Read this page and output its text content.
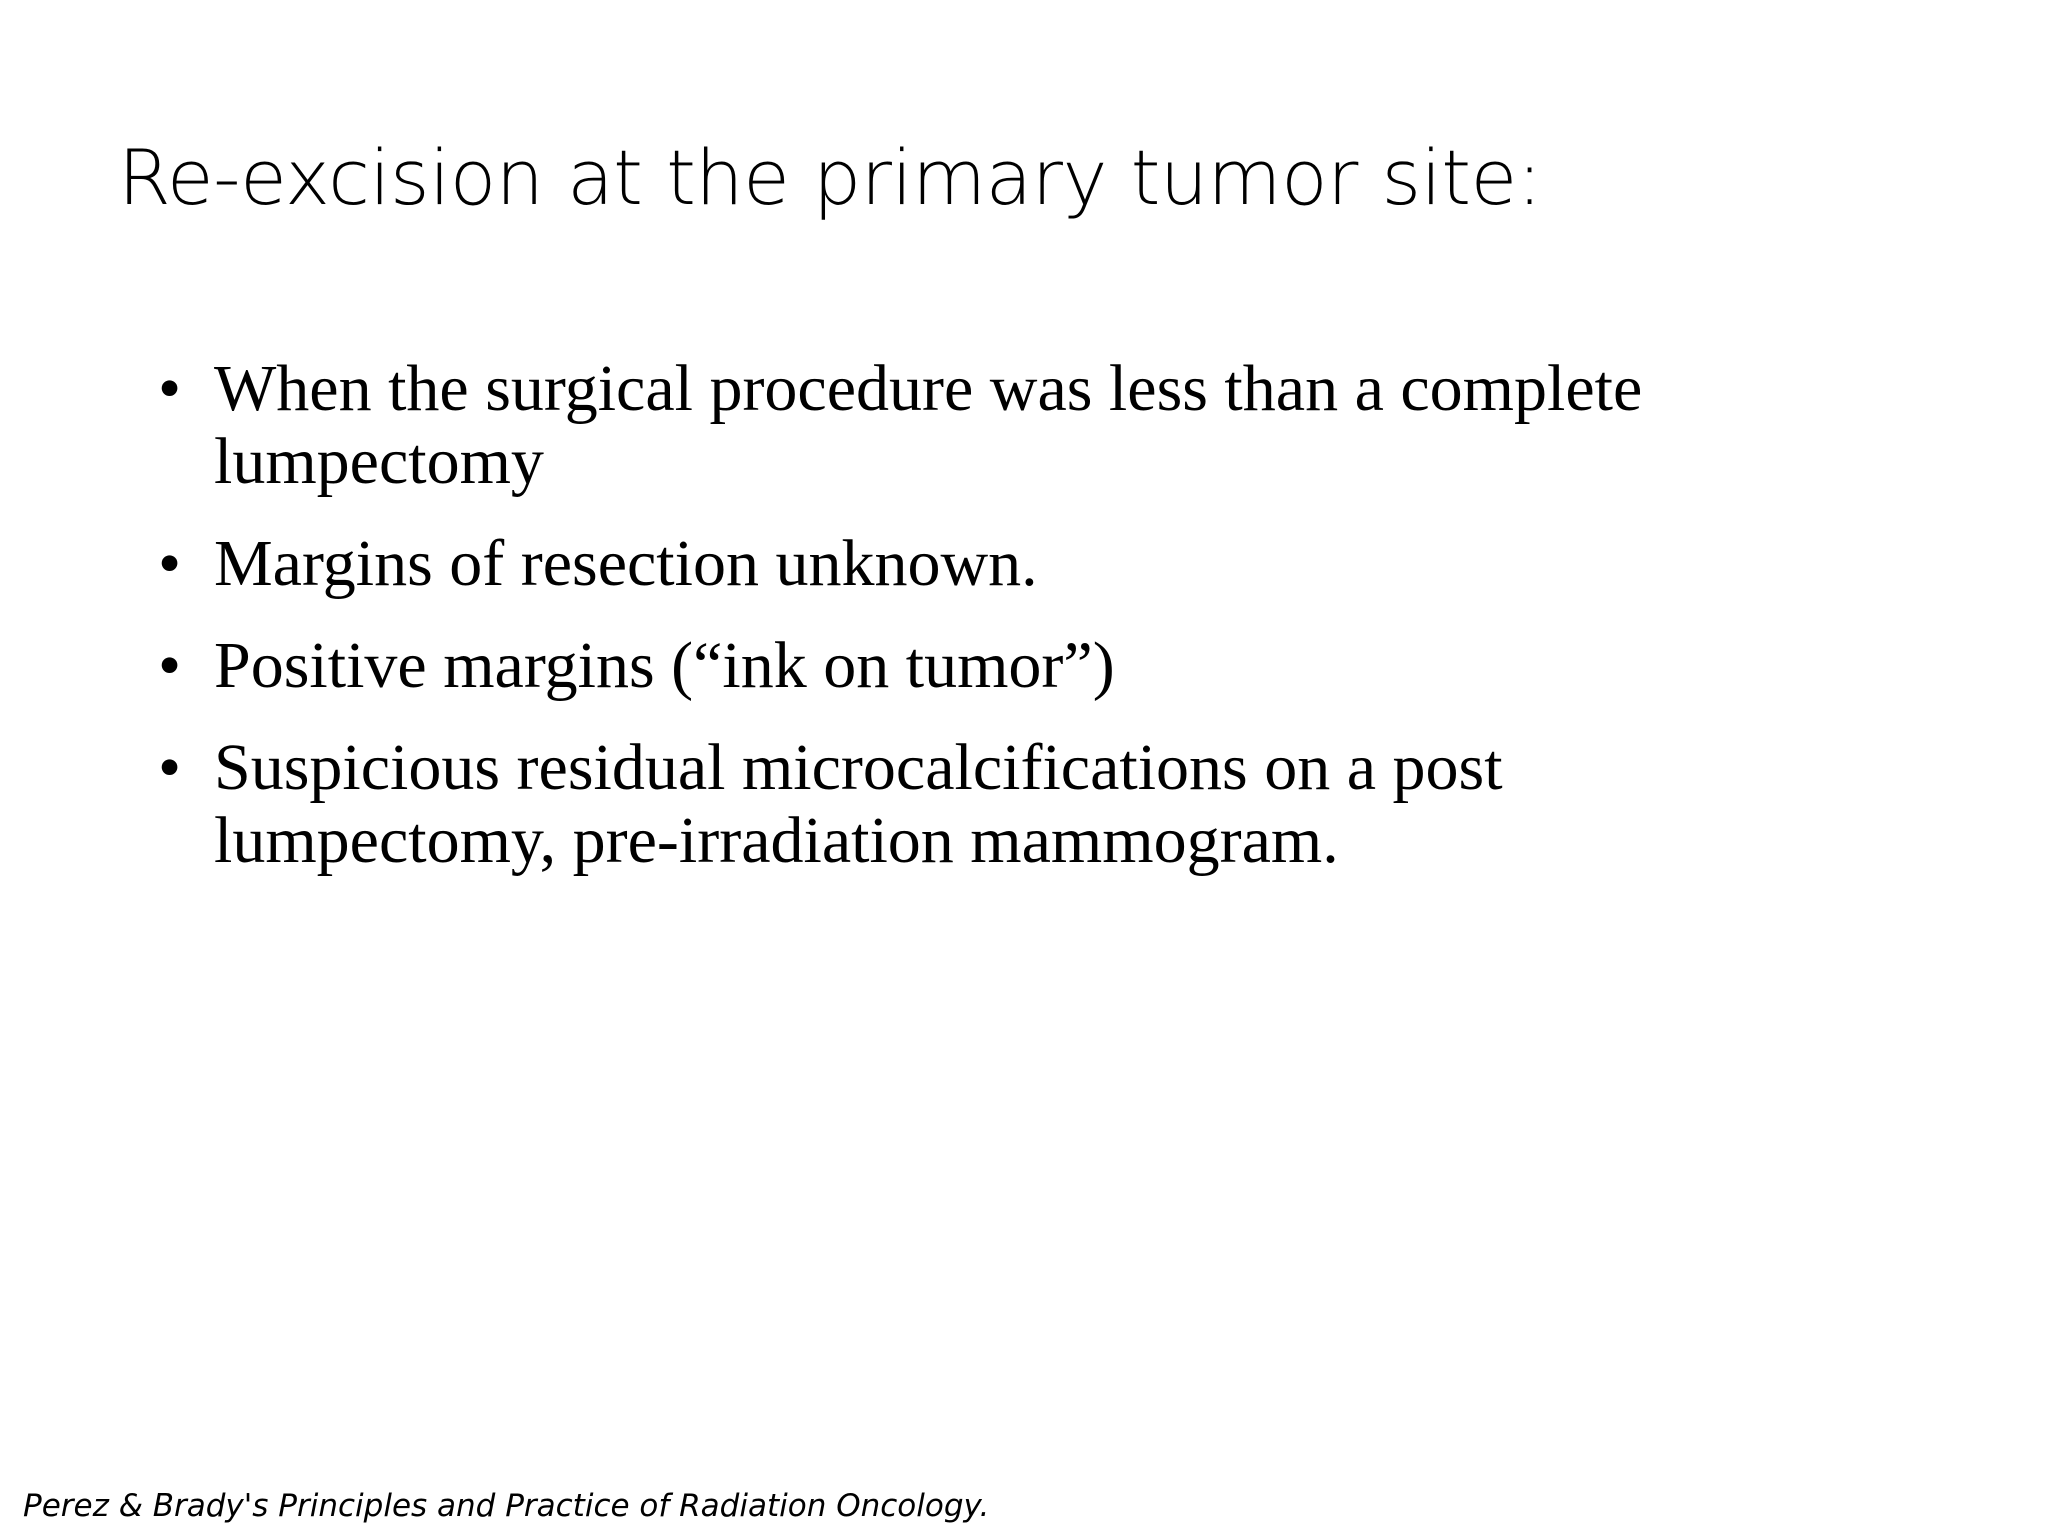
Re-excision at the primary tumor site:
• When the surgical procedure was less than a complete lumpectomy
• Margins of resection unknown.
• Positive margins (“ink on tumor”)
• Suspicious residual microcalcifications on a post lumpectomy, pre-irradiation mammogram.
Perez & Brady's Principles and Practice of Radiation Oncology.
